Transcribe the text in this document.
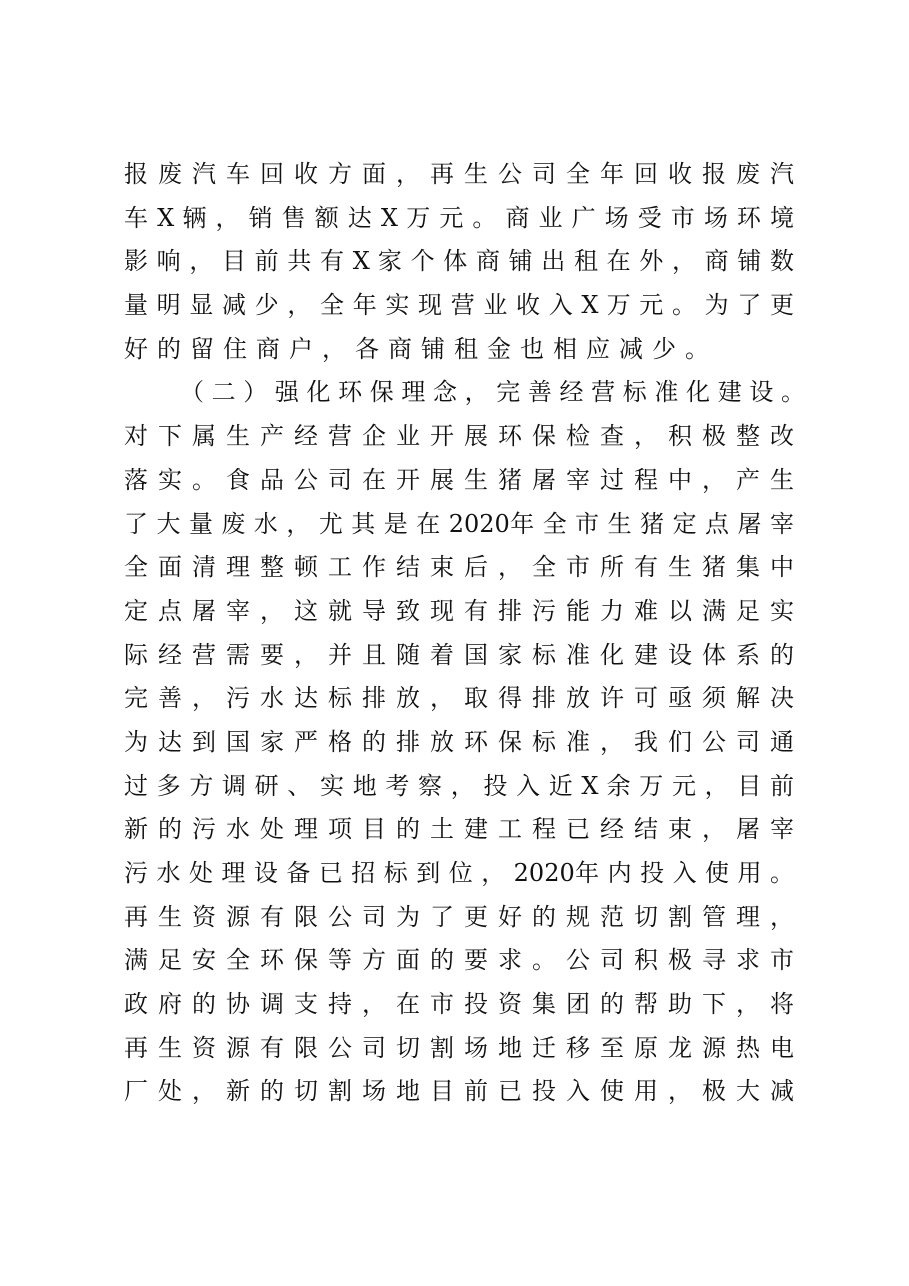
报 废 汽 车 回 收 方 面 ， 再 生 公 司 全 年 回 收 报 废 汽
车 X 辆 ， 销 售 额 达 X 万 元 。 商 业 广 场 受 市 场 环 境
影 响 ， 目 前 共 有 X 家 个 体 商 铺 出 租 在 外 ， 商 铺 数
量 明 显 减 少 ， 全 年 实 现 营 业 收 入 X 万 元 。 为 了 更
好的留住商户，各商铺租金也相应减少。
（ 二 ） 强 化 环 保 理 念 ， 完 善 经 营 标 准 化 建 设 。
对 下 属 生 产 经 营 企 业 开 展 环 保 检 查 ， 积 极 整 改
落 实 。 食 品 公 司 在 开 展 生 猪 屠 宰 过 程 中 ， 产 生
了 大 量 废 水 ， 尤 其 是 在 2020年 全 市 生 猪 定 点 屠 宰
全 面 清 理 整 顿 工 作 结 束 后 ， 全 市 所 有 生 猪 集 中
定 点 屠 宰 ， 这 就 导 致 现 有 排 污 能 力 难 以 满 足 实
际 经 营 需 要 ， 并 且 随 着 国 家 标 准 化 建 设 体 系 的
完 善 ， 污 水 达 标 排 放 ， 取 得 排 放 许 可 亟 须 解 决
为 达 到 国 家 严 格 的 排 放 环 保 标 准 ， 我 们 公 司 通
过 多 方 调 研 、 实 地 考 察 ， 投 入 近 X 余 万 元 ， 目 前
新 的 污 水 处 理 项 目 的 土 建 工 程 已 经 结 束 ， 屠 宰
污 水 处 理 设 备 已 招 标 到 位 ， 2020年 内 投 入 使 用 。
再 生 资 源 有 限 公 司 为 了 更 好 的 规 范 切 割 管 理 ，
满 足 安 全 环 保 等 方 面 的 要 求 。 公 司 积 极 寻 求 市
政 府 的 协 调 支 持 ， 在 市 投 资 集 团 的 帮 助 下 ， 将
再 生 资 源 有 限 公 司 切 割 场 地 迁 移 至 原 龙 源 热 电
厂 处 ， 新 的 切 割 场 地 目 前 已 投 入 使 用 ， 极 大 减
